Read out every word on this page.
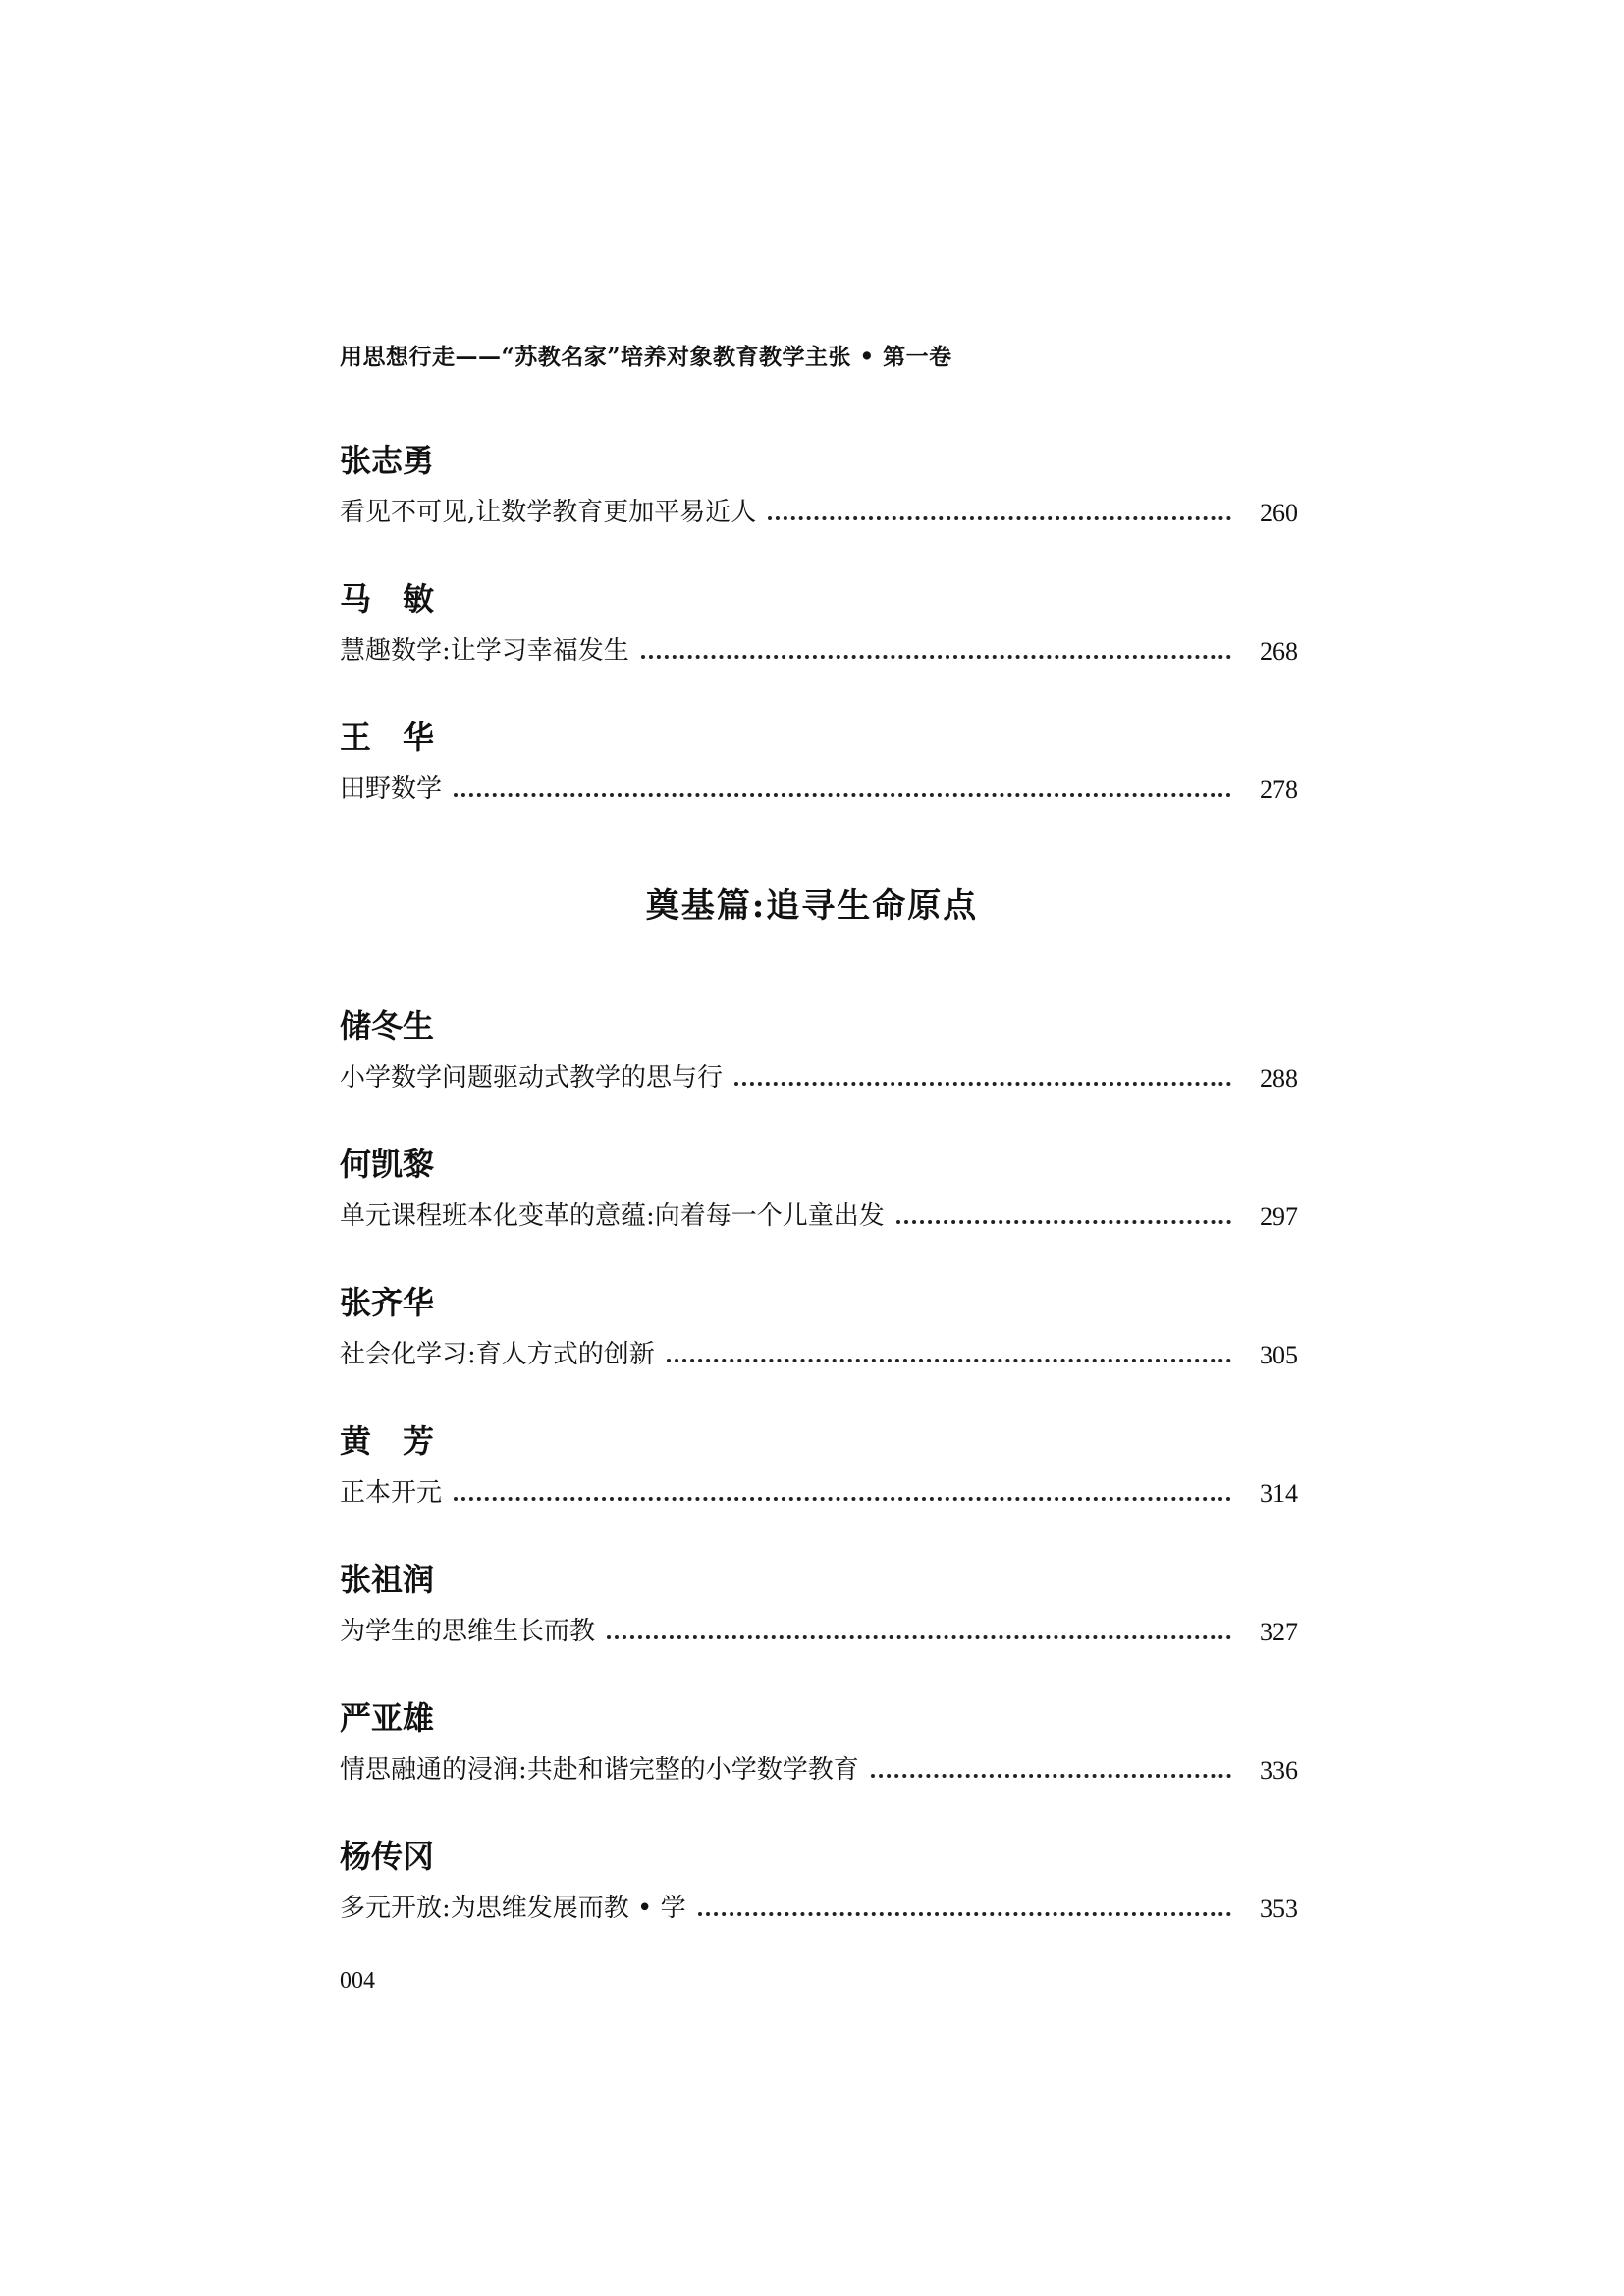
用思想行走——“苏教名家”培养对象教育教学主张 • 第一卷
张志勇
看见不可见,让数学教育更加平易近人	260
马　敏
慧趣数学:让学习幸福发生	268
王　华
田野数学	278
奠基篇:追寻生命原点
储冬生
小学数学问题驱动式教学的思与行	288
何凯黎
单元课程班本化变革的意蕴:向着每一个儿童出发	297
张齐华
社会化学习:育人方式的创新	305
黄　芳
正本开元	314
张祖润
为学生的思维生长而教	327
严亚雄
情思融通的浸润:共赴和谐完整的小学数学教育	336
杨传冈
多元开放:为思维发展而教 • 学	353
004
